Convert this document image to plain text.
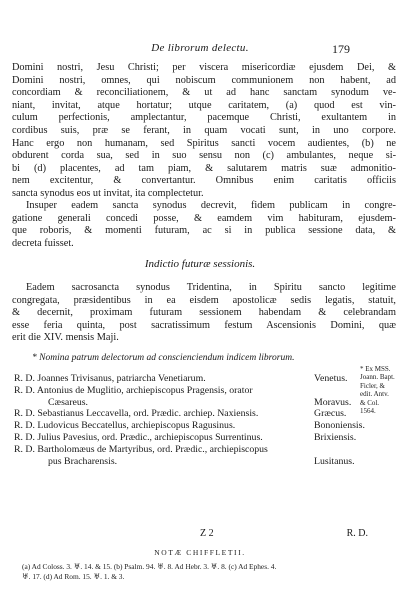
De librorum delectu.	179
Domini nostri, Jesu Christi; per viscera misericordiæ ejusdem Dei, &
Domini nostri, omnes, qui nobiscum communionem non habent, ad
concordiam & reconciliationem, & ut ad hanc sanctam synodum ve-
niant, invitat, atque hortatur; utque caritatem, (a) quod est vin-
culum perfectionis, amplectantur, pacemque Christi, exultantem in
cordibus suis, præ se ferant, in quam vocati sunt, in uno corpore.
Hanc ergo non humanam, sed Spiritus sancti vocem audientes, (b) ne
obdurent corda sua, sed in suo sensu non (c) ambulantes, neque si-
bi (d) placentes, ad tam piam, & salutarem matris suæ admonitio-
nem excitentur, & convertantur. Omnibus enim caritatis officiis
sancta synodus eos ut invitat, ita complectetur.
Insuper eadem sancta synodus decrevit, fidem publicam in congre-
gatione generali concedi posse, & eamdem vim habituram, ejusdem-
que roboris, & momenti futuram, ac si in publica sessione data, &
decreta fuisset.
Indictio futuræ sessionis.
Eadem sacrosancta synodus Tridentina, in Spiritu sancto legitime
congregata, præsidentibus in ea eisdem apostolicæ sedis legatis, statuit,
& decernit, proximam futuram sessionem habendam & celebrandam
esse feria quinta, post sacratissimum festum Ascensionis Domini, quæ
erit die XIV. mensis Maji.
* Nomina patrum delectorum ad conscienciendum indicem librorum.
R. D. Joannes Trivisanus, patriarcha Venetiarum.	Venetus.
R. D. Antonius de Muglitio, archiepiscopus Pragensis, orator
Cæsareus.	Moravus.
R. D. Sebastianus Leccavella, ord. Prædic. archiep. Naxiensis.	Græcus.
R. D. Ludovicus Beccatellus, archiepiscopus Ragusinus.	Bononiensis.
R. D. Julius Pavesius, ord. Prædic., archiepiscopus Surrentinus.	Brixiensis.
R. D. Bartholomæus de Martyribus, ord. Prædic., archiepiscopus
pus Bracharensis.	Lusitanus.
* Ex MSS.
Joann. Bapt.
Ficler, &
edit. Antv.
& Col.
1564.
Z 2	R. D.
NOTÆ CHIFFLETII.
(a) Ad Coloss. 3. ♅. 14. & 15. (b) Psalm. 94. ♅. 8. Ad Hebr. 3. ♅. 8. (c) Ad Ephes. 4.
♅. 17. (d) Ad Rom. 15. ♅. 1. & 3.
